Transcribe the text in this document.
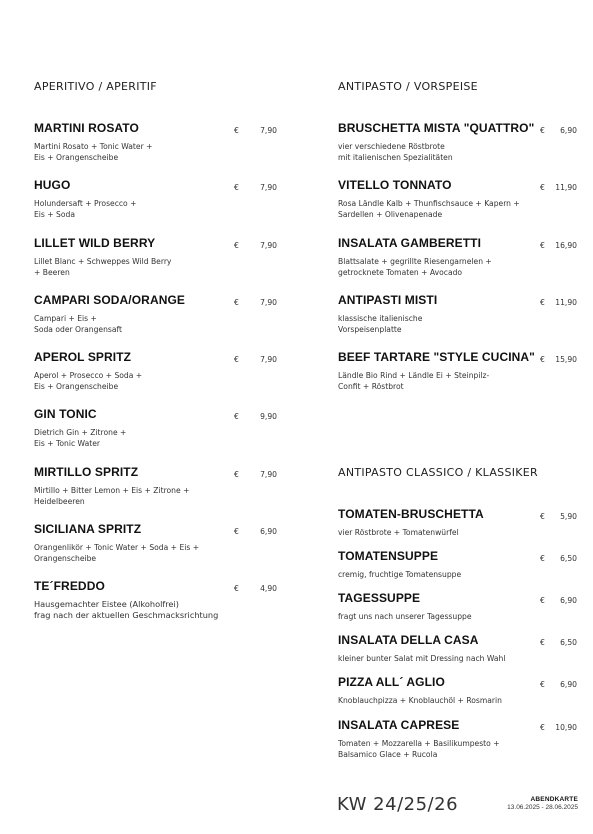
APERITIVO / APERITIF
MARTINI ROSATO
Martini Rosato + Tonic Water +
Eis + Orangenscheibe
€	7,90
HUGO
Holundersaft + Prosecco +
Eis + Soda
€	7,90
LILLET WILD BERRY
Lillet Blanc + Schweppes Wild Berry
+ Beeren
€	7,90
CAMPARI SODA/ORANGE
Campari + Eis +
Soda oder Orangensaft
€	7,90
APEROL SPRITZ
Aperol + Prosecco + Soda +
Eis + Orangenscheibe
€	7,90
GIN TONIC
Dietrich Gin + Zitrone +
Eis + Tonic Water
€	9,90
MIRTILLO SPRITZ
Mirtillo + Bitter Lemon + Eis + Zitrone +
Heidelbeeren
€	7,90
SICILIANA SPRITZ
Orangenlikör + Tonic Water + Soda + Eis +
Orangenscheibe
€	6,90
TE´FREDDO
Hausgemachter Eistee (Alkoholfrei)
frag nach der aktuellen Geschmacksrichtung
€	4,90
ANTIPASTO / VORSPEISE
BRUSCHETTA MISTA "QUATTRO"
vier verschiedene Röstbrote
mit italienischen Spezialitäten
€	6,90
VITELLO TONNATO
Rosa Ländle Kalb + Thunfischsauce + Kapern +
Sardellen + Olivenapenade
€	11,90
INSALATA GAMBERETTI
Blattsalate + gegrillte Riesengarnelen +
getrocknete Tomaten + Avocado
€	16,90
ANTIPASTI MISTI
klassische italienische
Vorspeisenplatte
€	11,90
BEEF TARTARE "STYLE CUCINA"
Ländle Bio Rind + Ländle Ei + Steinpilz-
Confit + Röstbrot
€	15,90
ANTIPASTO CLASSICO / KLASSIKER
TOMATEN-BRUSCHETTA
vier Röstbrote + Tomatenwürfel
€	5,90
TOMATENSUPPE
cremig, fruchtige Tomatensuppe
€	6,50
TAGESSUPPE
fragt uns nach unserer Tagessuppe
€	6,90
INSALATA DELLA CASA
kleiner bunter Salat mit Dressing nach Wahl
€	6,50
PIZZA ALL´ AGLIO
Knoblauchpizza + Knoblauchöl + Rosmarin
€	6,90
INSALATA CAPRESE
Tomaten + Mozzarella + Basilikumpesto +
Balsamico Glace + Rucola
€	10,90
KW 24/25/26	ABENDKARTE
13.06.2025 - 28.06.2025
